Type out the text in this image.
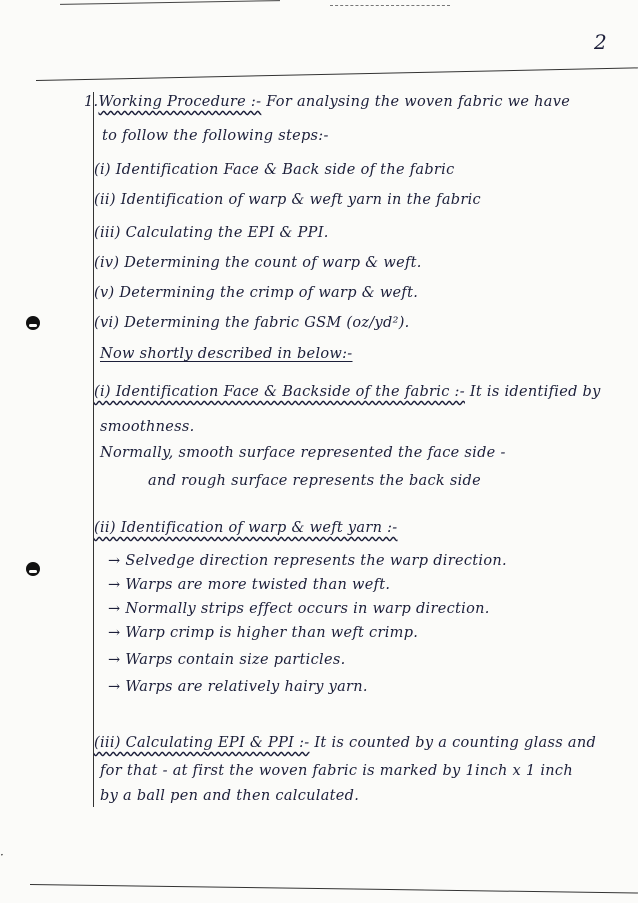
2
·
1.Working Procedure :- For analysing the woven fabric we have
to follow the following steps:-
(i) Identification Face & Back side of the fabric
(ii) Identification of warp & weft yarn in the fabric
(iii) Calculating the EPI & PPI.
(iv) Determining the count of warp & weft.
(v) Determining the crimp of warp & weft.
(vi) Determining the fabric GSM (oz/yd²).
Now shortly described in below:-
(i) Identification Face & Backside of the fabric :- It is identified by
smoothness.
Normally, smooth surface represented the face side -
and rough surface represents the back side
(ii) Identification of warp & weft yarn :-
→ Selvedge direction represents the warp direction.
→ Warps are more twisted than weft.
→ Normally strips effect occurs in warp direction.
→ Warp crimp is higher than weft crimp.
→ Warps contain size particles.
→ Warps are relatively hairy yarn.
(iii) Calculating EPI & PPI :- It is counted by a counting glass and
for that - at first the woven fabric is marked by 1inch x 1 inch
by a ball pen and then calculated.
